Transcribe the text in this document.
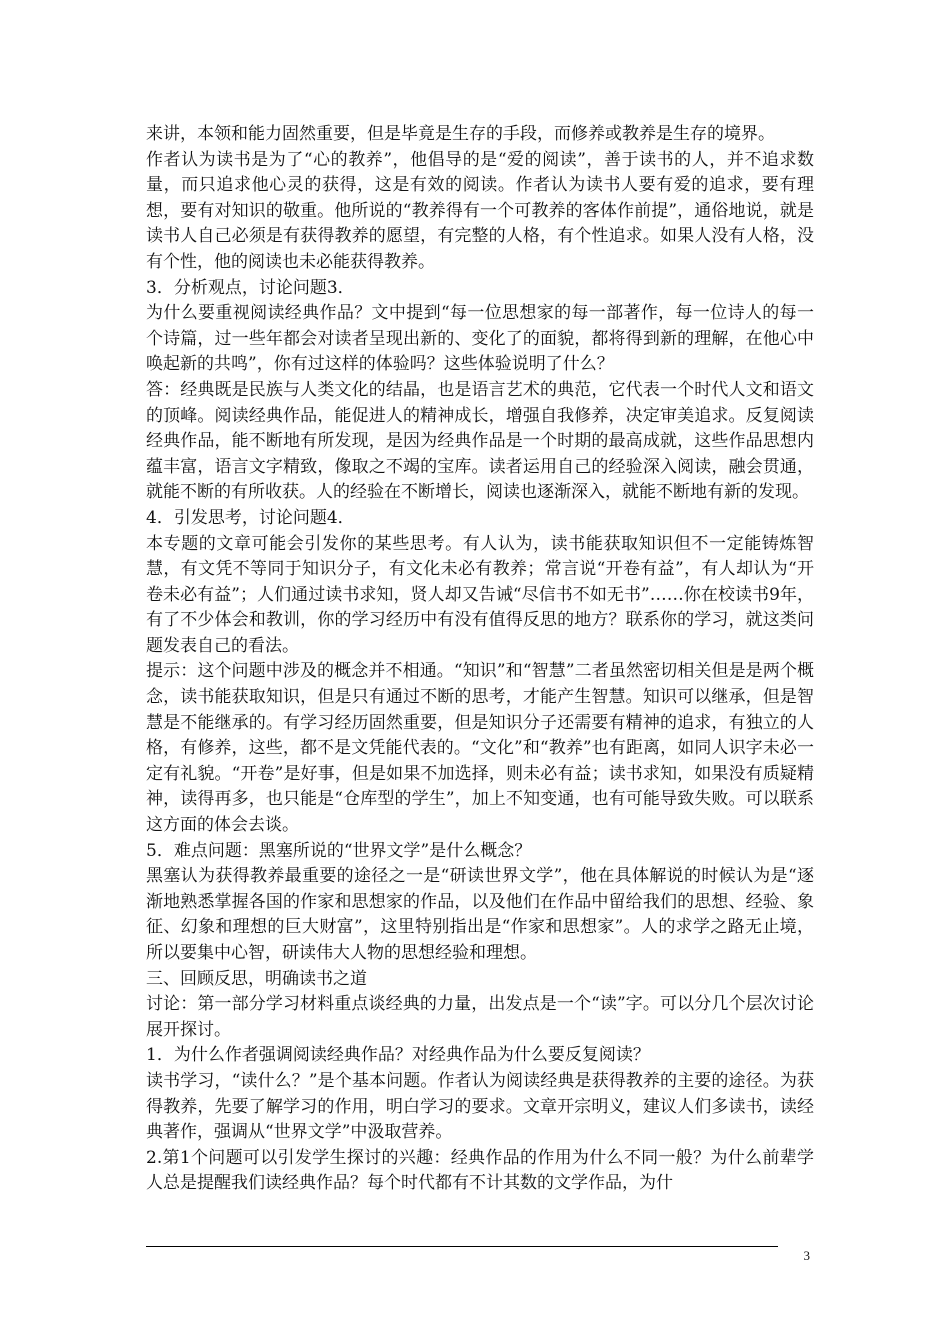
来讲，本领和能力固然重要，但是毕竟是生存的手段，而修养或教养是生存的境界。

作者认为读书是为了“心的教养”，他倡导的是“爱的阅读”，善于读书的人，并不追求数量，而只追求他心灵的获得，这是有效的阅读。作者认为读书人要有爱的追求，要有理想，要有对知识的敬重。他所说的“教养得有一个可教养的客体作前提”，通俗地说，就是读书人自己必须是有获得教养的愿望，有完整的人格，有个性追求。如果人没有人格，没有个性，他的阅读也未必能获得教养。

3．分析观点，讨论问题3．

为什么要重视阅读经典作品？文中提到“每一位思想家的每一部著作，每一位诗人的每一个诗篇，过一些年都会对读者呈现出新的、变化了的面貌，都将得到新的理解，在他心中唤起新的共鸣”，你有过这样的体验吗？这些体验说明了什么？

答：经典既是民族与人类文化的结晶，也是语言艺术的典范，它代表一个时代人文和语文的顶峰。阅读经典作品，能促进人的精神成长，增强自我修养，决定审美追求。反复阅读经典作品，能不断地有所发现，是因为经典作品是一个时期的最高成就，这些作品思想内蕴丰富，语言文字精致，像取之不竭的宝库。读者运用自己的经验深入阅读，融会贯通，就能不断的有所收获。人的经验在不断增长，阅读也逐渐深入，就能不断地有新的发现。

4．引发思考，讨论问题4．

本专题的文章可能会引发你的某些思考。有人认为，读书能获取知识但不一定能铸炼智慧，有文凭不等同于知识分子，有文化未必有教养；常言说“开卷有益”，有人却认为“开卷未必有益”；人们通过读书求知，贤人却又告诫“尽信书不如无书”……你在校读书9年，有了不少体会和教训，你的学习经历中有没有值得反思的地方？联系你的学习，就这类问题发表自己的看法。

提示：这个问题中涉及的概念并不相通。“知识”和“智慧”二者虽然密切相关但是是两个概念，读书能获取知识，但是只有通过不断的思考，才能产生智慧。知识可以继承，但是智慧是不能继承的。有学习经历固然重要，但是知识分子还需要有精神的追求，有独立的人格，有修养，这些，都不是文凭能代表的。“文化”和“教养”也有距离，如同人识字未必一定有礼貌。“开卷”是好事，但是如果不加选择，则未必有益；读书求知，如果没有质疑精神，读得再多，也只能是“仓库型的学生”，加上不知变通，也有可能导致失败。可以联系这方面的体会去谈。

5．难点问题：黑塞所说的“世界文学”是什么概念？

黑塞认为获得教养最重要的途径之一是“研读世界文学”，他在具体解说的时候认为是“逐渐地熟悉掌握各国的作家和思想家的作品，以及他们在作品中留给我们的思想、经验、象征、幻象和理想的巨大财富”，这里特别指出是“作家和思想家”。人的求学之路无止境，所以要集中心智，研读伟大人物的思想经验和理想。

三、回顾反思，明确读书之道

讨论：第一部分学习材料重点谈经典的力量，出发点是一个“读”字。可以分几个层次讨论展开探讨。

1．为什么作者强调阅读经典作品？对经典作品为什么要反复阅读？

读书学习，“读什么？”是个基本问题。作者认为阅读经典是获得教养的主要的途径。为获得教养，先要了解学习的作用，明白学习的要求。文章开宗明义，建议人们多读书，读经典著作，强调从“世界文学”中汲取营养。

2.第1个问题可以引发学生探讨的兴趣：经典作品的作用为什么不同一般？为什么前辈学人总是提醒我们读经典作品？每个时代都有不计其数的文学作品，为什

3
